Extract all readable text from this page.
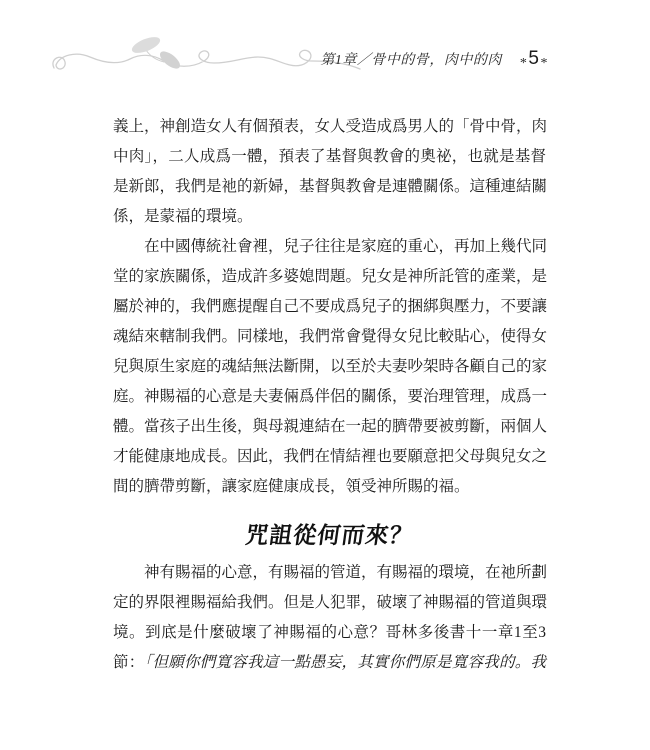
第1章／骨中的骨，肉中的肉 *5*

義上，神創造女人有個預表，女人受造成爲男人的「骨中骨，肉

中肉」，二人成爲一體，預表了基督與教會的奧祕，也就是基督

是新郎，我們是祂的新婦，基督與教會是連體關係。這種連結關

係，是蒙福的環境。

　　在中國傳統社會裡，兒子往往是家庭的重心，再加上幾代同

堂的家族關係，造成許多婆媳問題。兒女是神所託管的產業，是

屬於神的，我們應提醒自己不要成爲兒子的捆綁與壓力，不要讓

魂結來轄制我們。同樣地，我們常會覺得女兒比較貼心，使得女

兒與原生家庭的魂結無法斷開，以至於夫妻吵架時各顧自己的家

庭。神賜福的心意是夫妻倆爲伴侶的關係，要治理管理，成爲一

體。當孩子出生後，與母親連結在一起的臍帶要被剪斷，兩個人

才能健康地成長。因此，我們在情結裡也要願意把父母與兒女之

間的臍帶剪斷，讓家庭健康成長，領受神所賜的福。

咒詛從何而來？

　　神有賜福的心意，有賜福的管道，有賜福的環境，在祂所劃

定的界限裡賜福給我們。但是人犯罪，破壞了神賜福的管道與環

境。到底是什麼破壞了神賜福的心意？哥林多後書十一章1至3

節：「但願你們寬容我這一點愚妄，其實你們原是寬容我的。我
